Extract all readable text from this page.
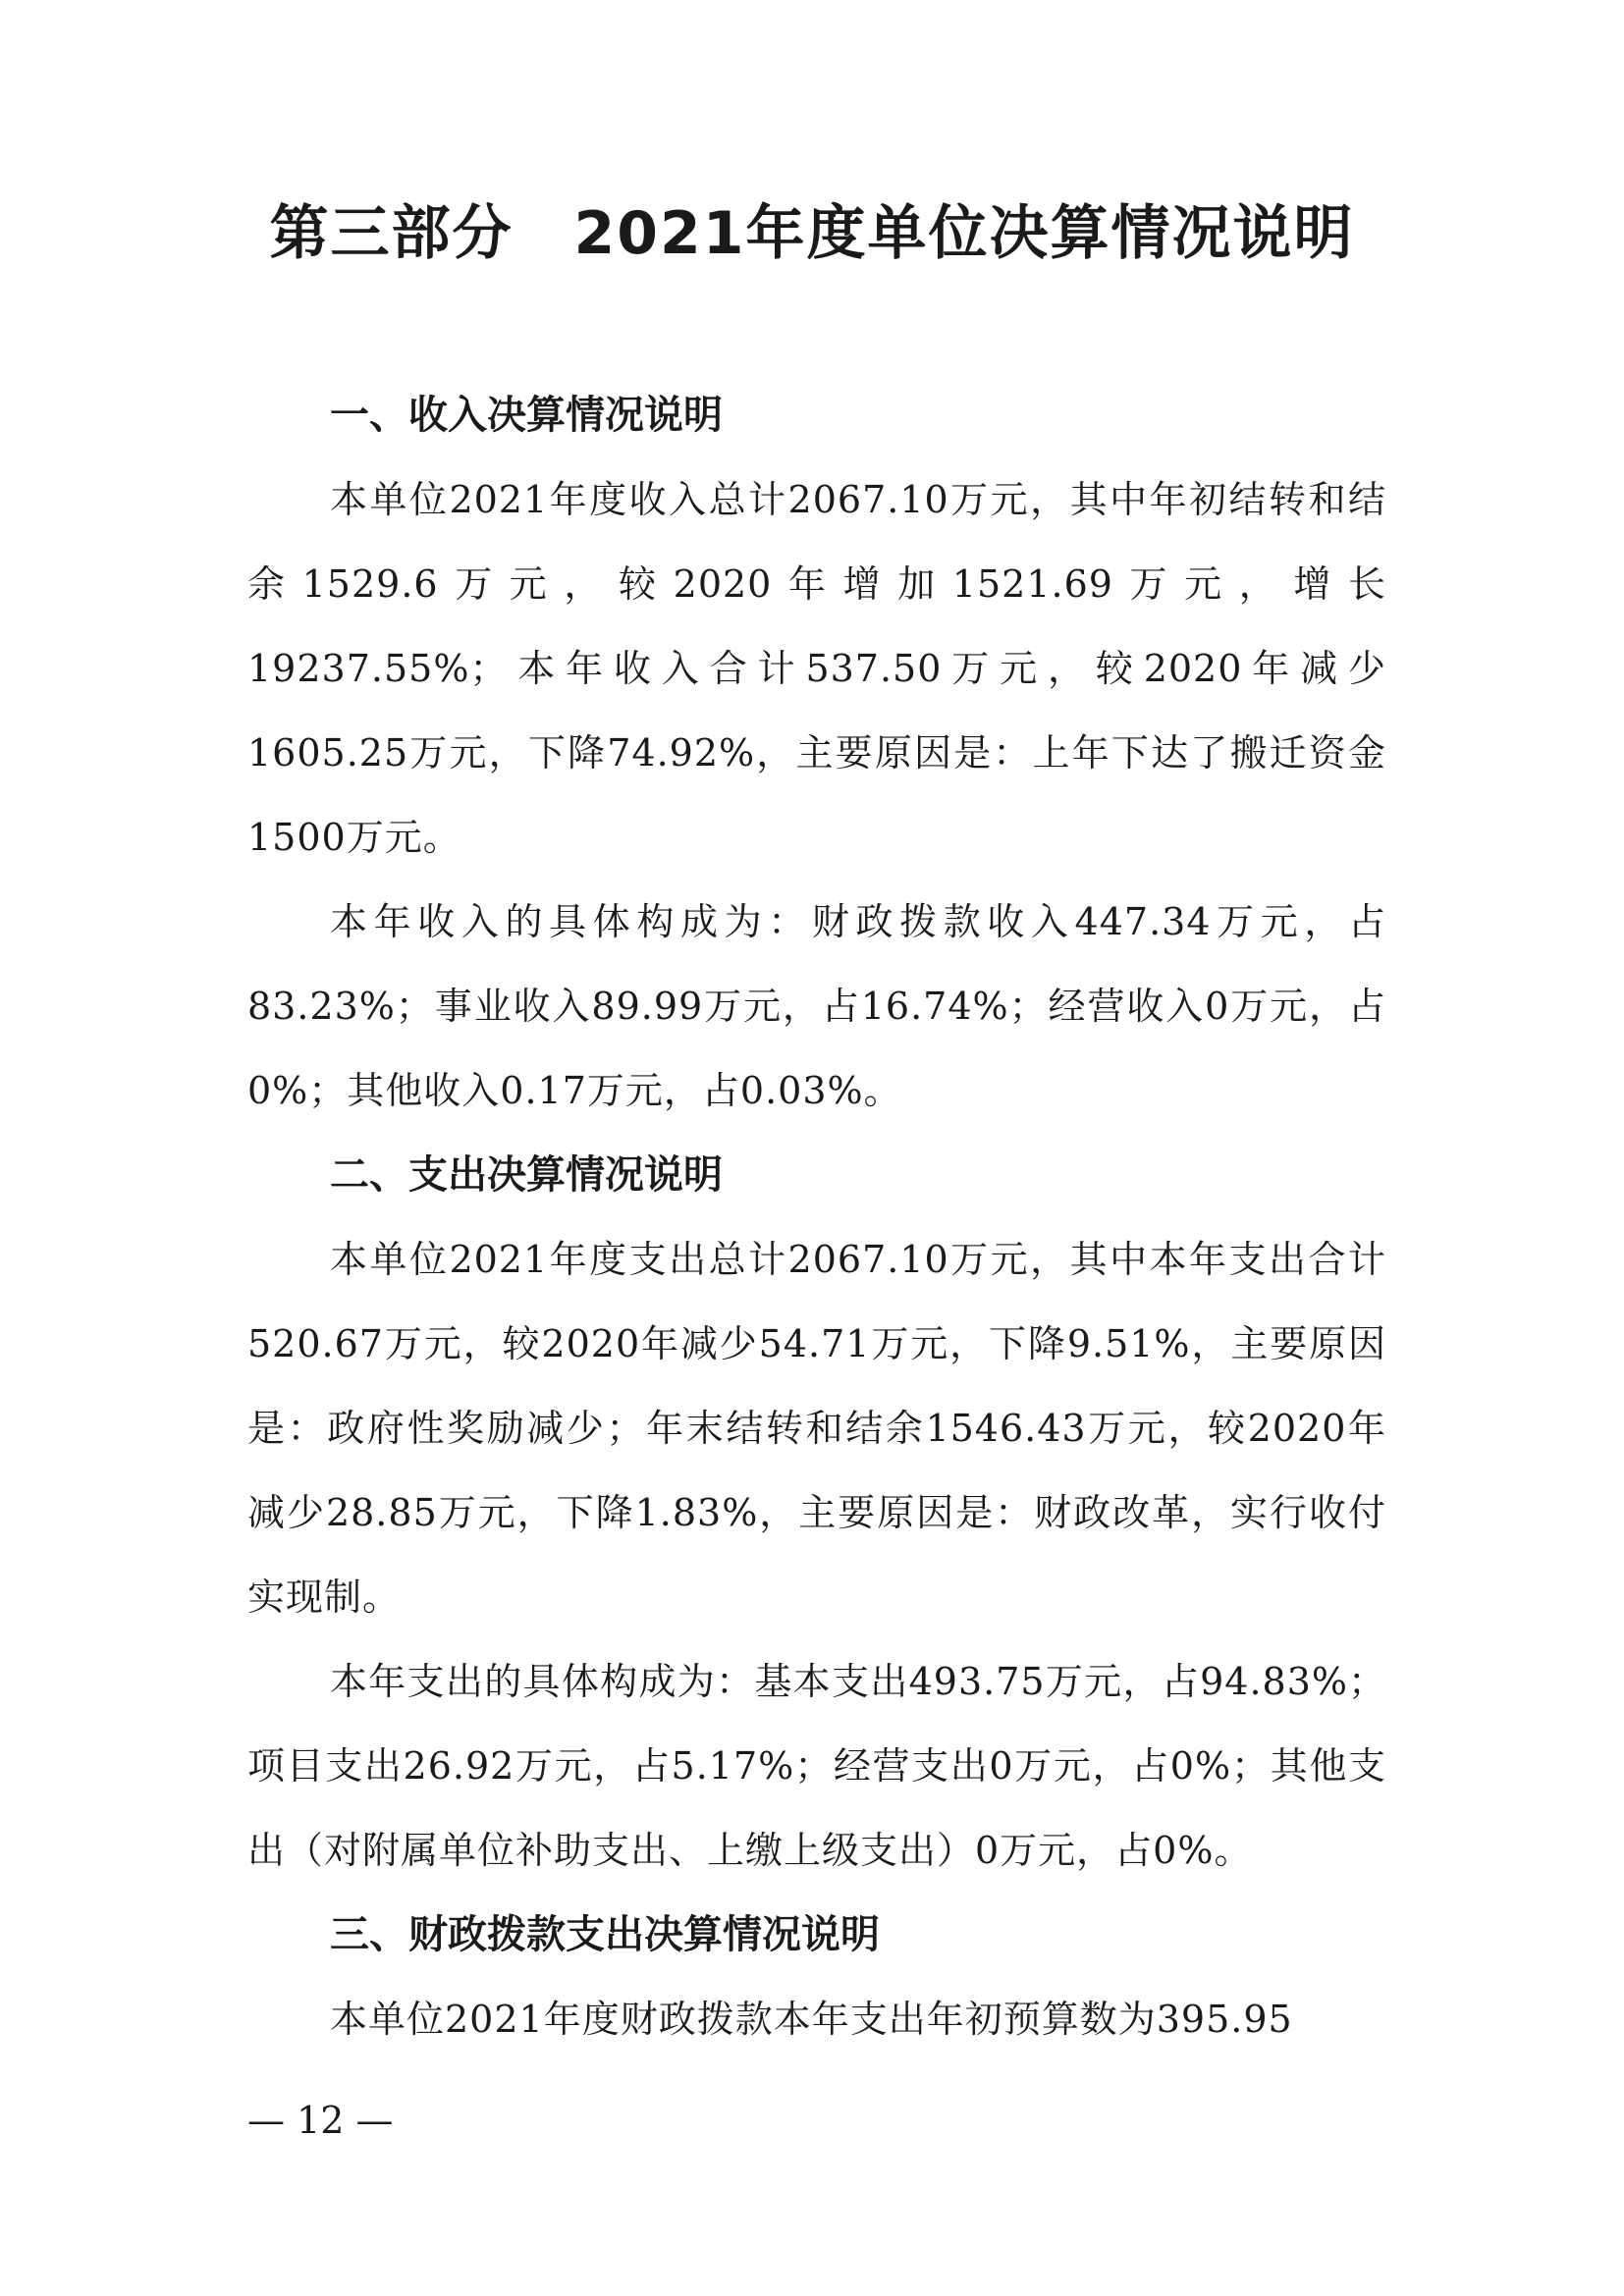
第三部分　2021年度单位决算情况说明

一、收入决算情况说明

本单位2021年度收入总计2067.10万元，其中年初结转和结余1529.6万元，较2020年增加1521.69万元，增长19237.55%；本年收入合计537.50万元，较2020年减少1605.25万元，下降74.92%，主要原因是：上年下达了搬迁资金1500万元。

本年收入的具体构成为：财政拨款收入447.34万元，占83.23%；事业收入89.99万元，占16.74%；经营收入0万元，占0%；其他收入0.17万元，占0.03%。

二、支出决算情况说明

本单位2021年度支出总计2067.10万元，其中本年支出合计520.67万元，较2020年减少54.71万元，下降9.51%，主要原因是：政府性奖励减少；年末结转和结余1546.43万元，较2020年减少28.85万元，下降1.83%，主要原因是：财政改革，实行收付实现制。

本年支出的具体构成为：基本支出493.75万元，占94.83%；项目支出26.92万元，占5.17%；经营支出0万元，占0%；其他支出（对附属单位补助支出、上缴上级支出）0万元，占0%。

三、财政拨款支出决算情况说明

本单位2021年度财政拨款本年支出年初预算数为395.95

— 12 —
